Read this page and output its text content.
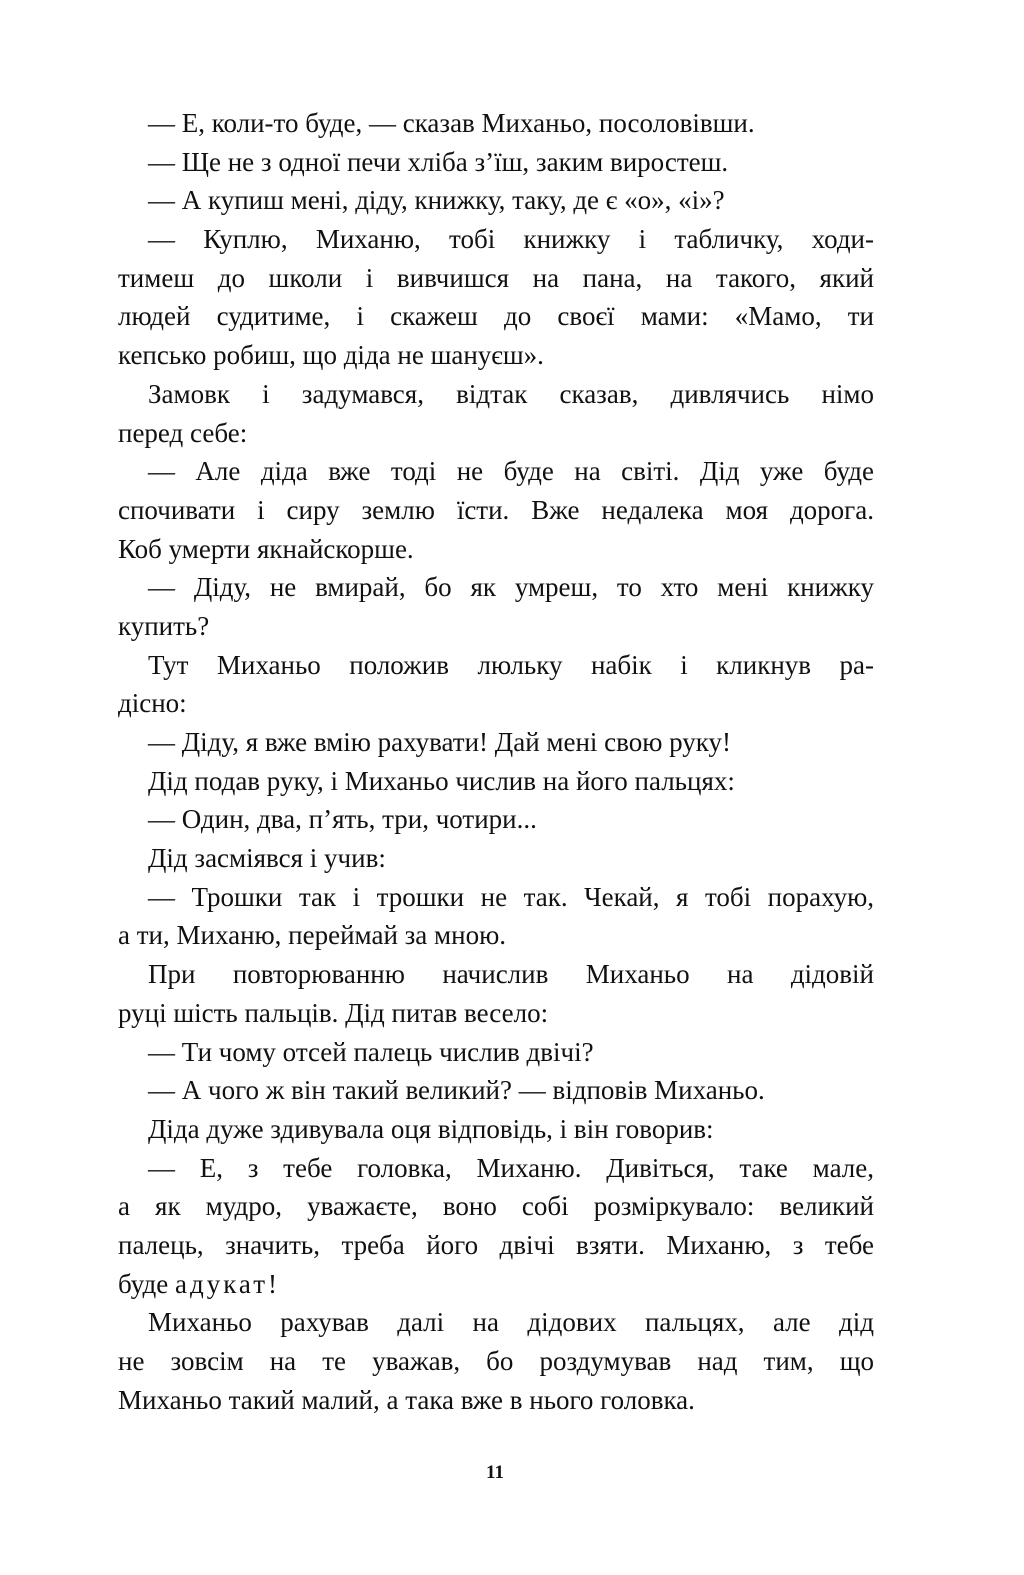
— Е, коли-то буде, — сказав Миханьо, посоловівши.
— Ще не з одної печи хліба з’їш, заким виростеш.
— А купиш мені, діду, книжку, таку, де є «о», «і»?
— Куплю, Миханю, тобі книжку і табличку, ходи-
тимеш до школи і вивчишся на пана, на такого, який
людей судитиме, і скажеш до своєї мами: «Мамо, ти
кепсько робиш, що діда не шануєш».
Замовк і задумався, відтак сказав, дивлячись німо
перед себе:
— Але діда вже тоді не буде на світі. Дід уже буде
спочивати і сиру землю їсти. Вже недалека моя дорога.
Коб умерти якнайскорше.
— Діду, не вмирай, бо як умреш, то хто мені книжку
купить?
Тут Миханьо положив люльку набік і кликнув ра-
дісно:
— Діду, я вже вмію рахувати! Дай мені свою руку!
Дід подав руку, і Миханьо числив на його пальцях:
— Один, два, п’ять, три, чотири...
Дід засміявся і учив:
— Трошки так і трошки не так. Чекай, я тобі порахую,
а ти, Миханю, переймай за мною.
При повторюванню начислив Миханьо на дідовій
руці шість пальців. Дід питав весело:
— Ти чому отсей палець числив двічі?
— А чого ж він такий великий? — відповів Миханьо.
Діда дуже здивувала оця відповідь, і він говорив:
— Е, з тебе головка, Миханю. Дивіться, таке мале,
а як мудро, уважаєте, воно собі розміркувало: великий
палець, значить, треба його двічі взяти. Миханю, з тебе
буде адукат!
Миханьо рахував далі на дідових пальцях, але дід
не зовсім на те уважав, бо роздумував над тим, що
Миханьо такий малий, а така вже в нього головка.
11
